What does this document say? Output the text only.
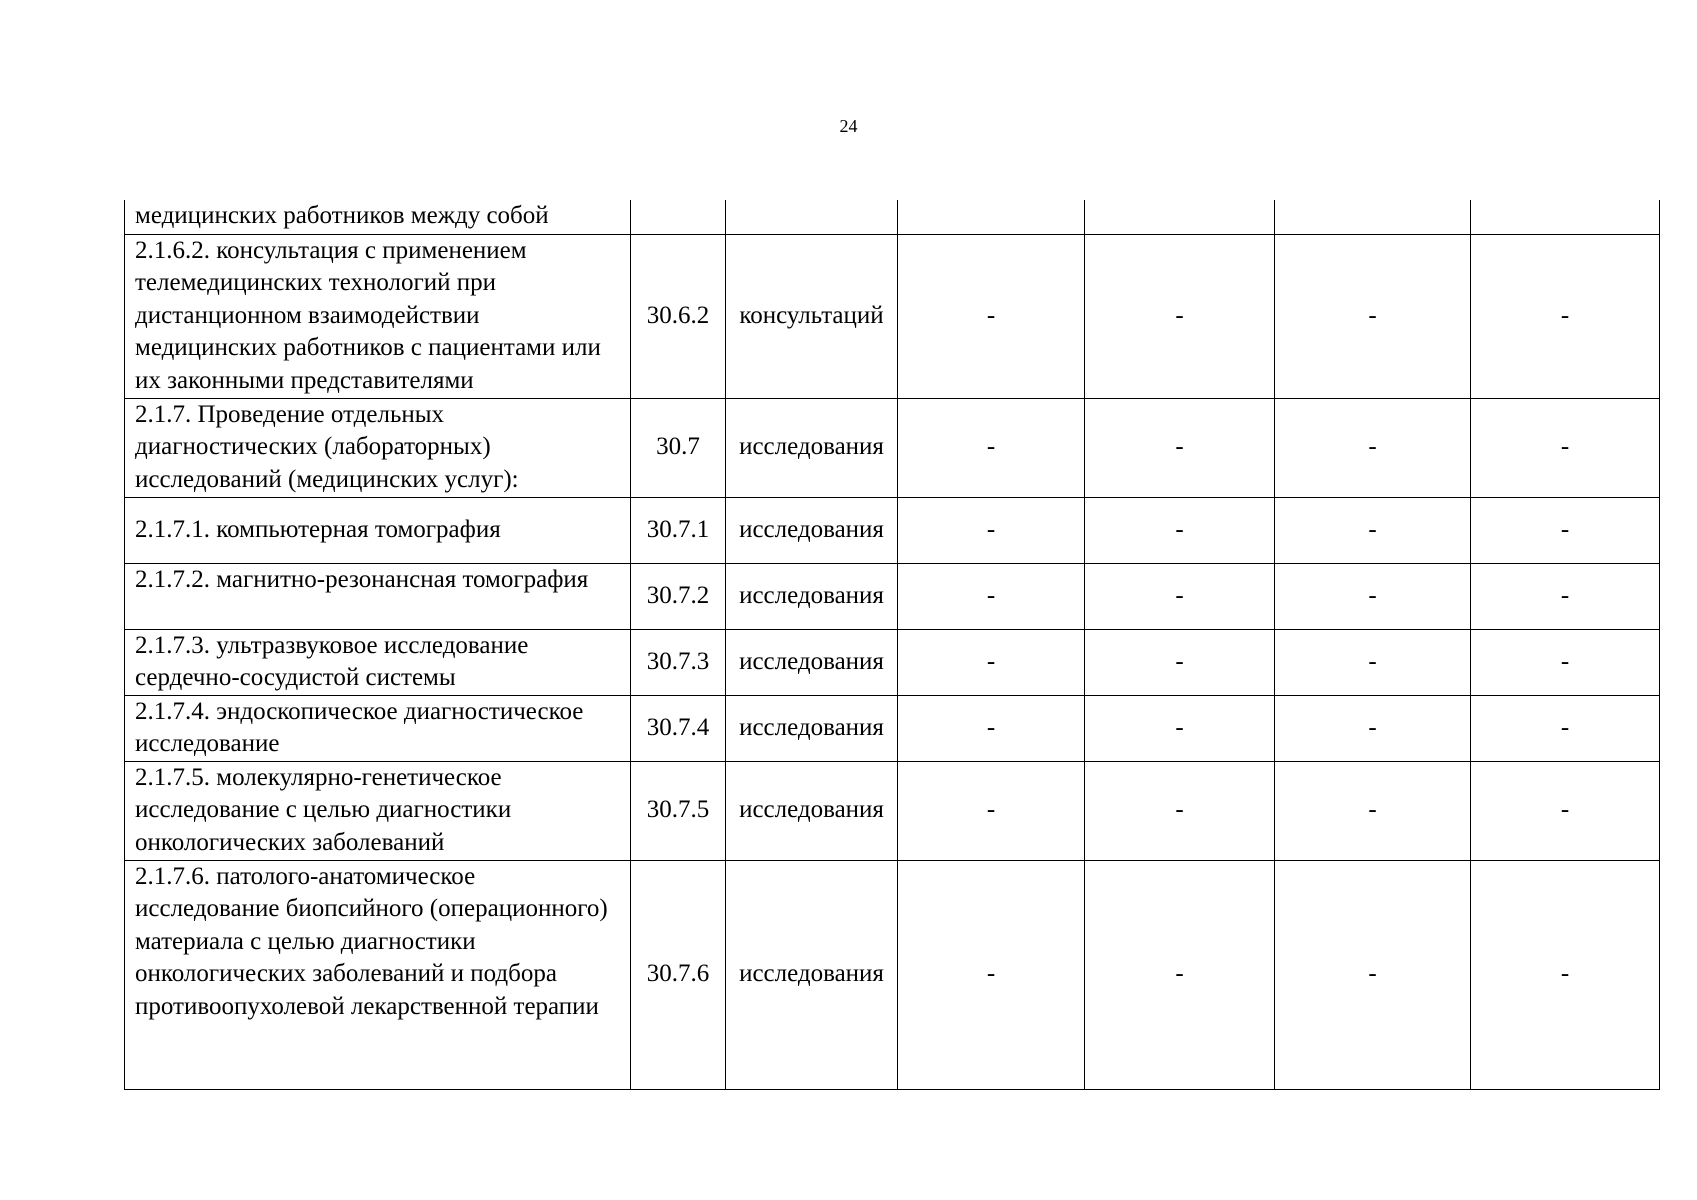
24
медицинских работников между собой						
2.1.6.2. консультация с применением телемедицинских технологий при дистанционном взаимодействии медицинских работников с пациентами или их законными представителями	30.6.2	консультаций	-	-	-	-
2.1.7. Проведение отдельных диагностических (лабораторных) исследований (медицинских услуг):	30.7	исследования	-	-	-	-
2.1.7.1. компьютерная томография	30.7.1	исследования	-	-	-	-
2.1.7.2. магнитно-резонансная томография	30.7.2	исследования	-	-	-	-
2.1.7.3. ультразвуковое исследование сердечно-сосудистой системы	30.7.3	исследования	-	-	-	-
2.1.7.4. эндоскопическое диагностическое исследование	30.7.4	исследования	-	-	-	-
2.1.7.5. молекулярно-генетическое исследование с целью диагностики онкологических заболеваний	30.7.5	исследования	-	-	-	-
2.1.7.6. патолого-анатомическое исследование биопсийного (операционного) материала с целью диагностики онкологических заболеваний и подбора противоопухолевой лекарственной терапии	30.7.6	исследования	-	-	-	-
